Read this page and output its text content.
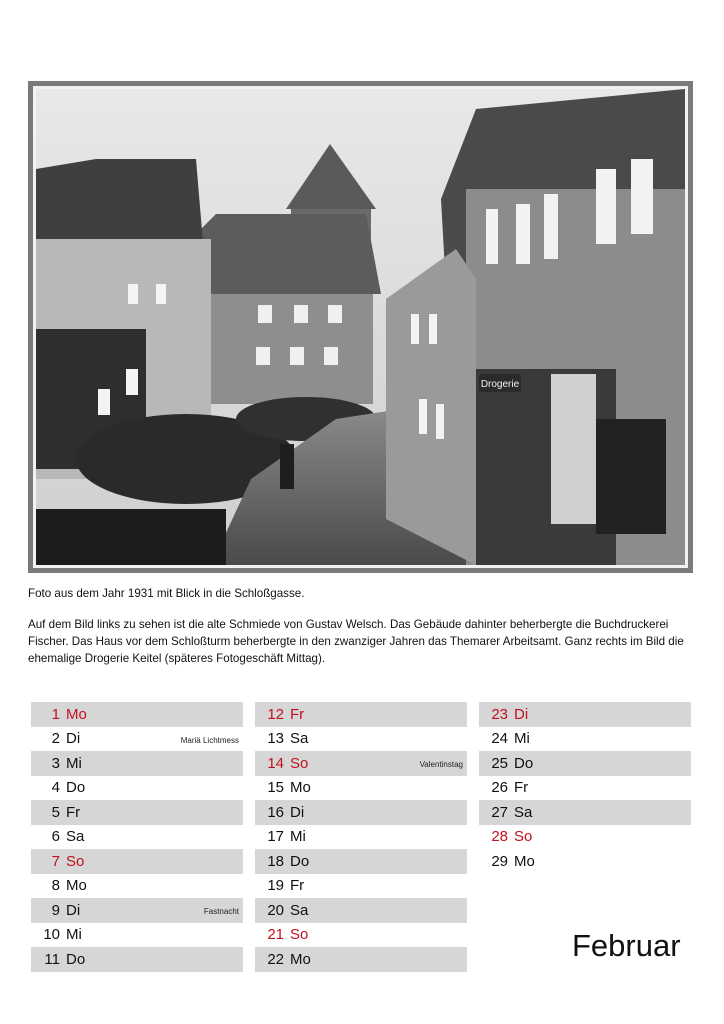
Drogerie

Foto aus dem Jahr 1931 mit Blick in die Schloßgasse.

Auf dem Bild links zu sehen ist die alte Schmiede von Gustav Welsch. Das Gebäude dahinter beherbergte die Buchdruckerei Fischer. Das Haus vor dem Schloßturm beherbergte in den zwanziger Jahren das Themarer Arbeitsamt. Ganz rechts im Bild die ehemalige Drogerie Keitel (späteres Fotogeschäft Mittag).

1 Mo
2 Di	Mariä Lichtmess
3 Mi
4 Do
5 Fr
6 Sa
7 So
8 Mo
9 Di	Fastnacht
10 Mi
11 Do
12 Fr
13 Sa
14 So	Valentinstag
15 Mo
16 Di
17 Mi
18 Do
19 Fr
20 Sa
21 So
22 Mo
23 Di
24 Mi
25 Do
26 Fr
27 Sa
28 So
29 Mo
Februar
